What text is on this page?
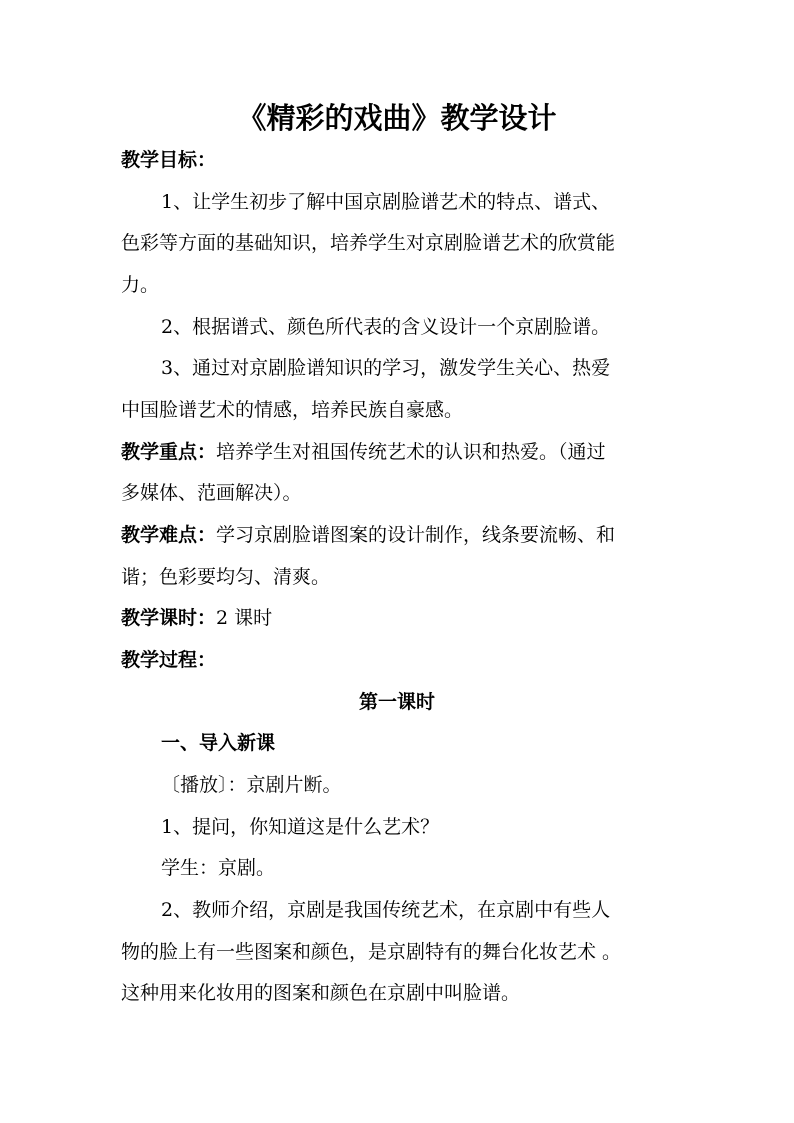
《精彩的戏曲》教学设计
教学目标：
1、让学生初步了解中国京剧脸谱艺术的特点、谱式、
色彩等方面的基础知识，培养学生对京剧脸谱艺术的欣赏能
力。
2、根据谱式、颜色所代表的含义设计一个京剧脸谱。
3、通过对京剧脸谱知识的学习，激发学生关心、热爱
中国脸谱艺术的情感，培养民族自豪感。
教学重点：培养学生对祖国传统艺术的认识和热爱。（通过
多媒体、范画解决）。
教学难点：学习京剧脸谱图案的设计制作，线条要流畅、和
谐；色彩要均匀、清爽。
教学课时：2 课时
教学过程：
第一课时
一、导入新课
〔播放〕：京剧片断。
1、提问，你知道这是什么艺术？
学生：京剧。
2、教师介绍，京剧是我国传统艺术，在京剧中有些人
物的脸上有一些图案和颜色，是京剧特有的舞台化妆艺术 。
这种用来化妆用的图案和颜色在京剧中叫脸谱。
